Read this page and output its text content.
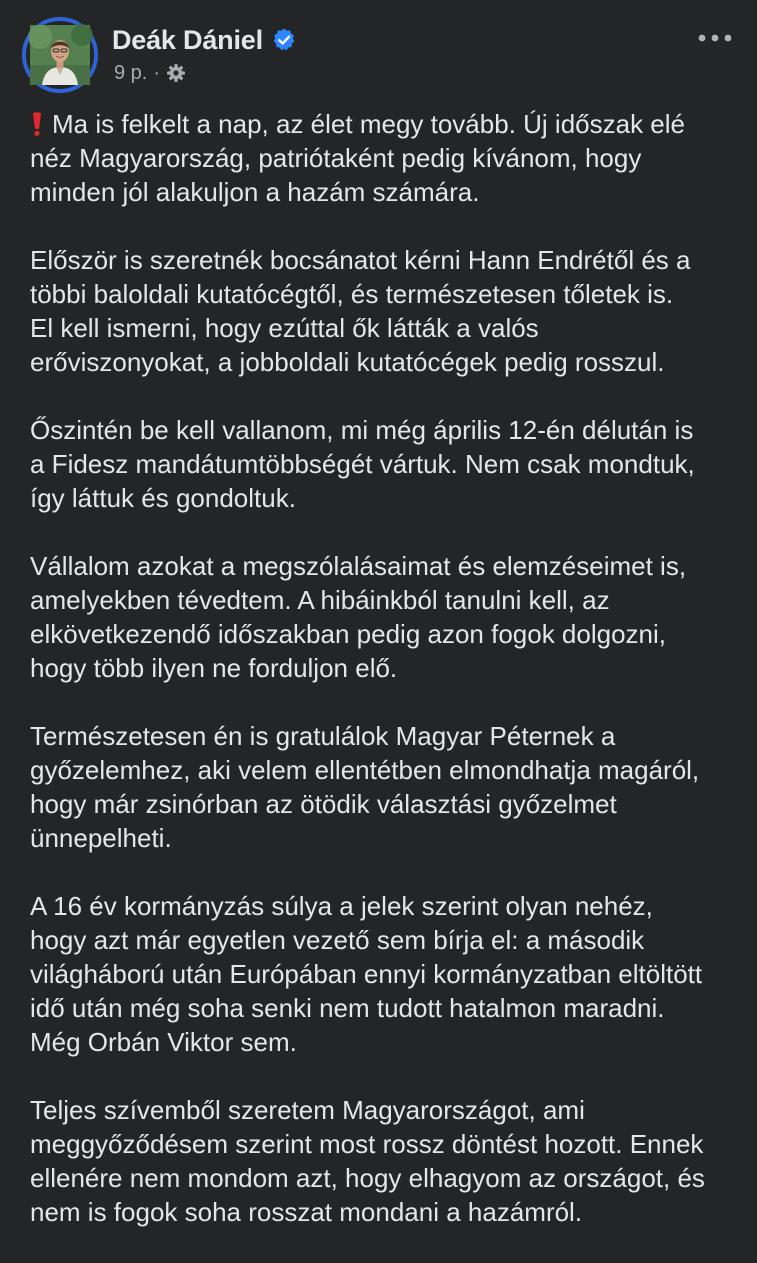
Deák Dániel
9 p. ·
Ma is felkelt a nap, az élet megy tovább. Új időszak elé
néz Magyarország, patriótaként pedig kívánom, hogy
minden jól alakuljon a hazám számára.
Először is szeretnék bocsánatot kérni Hann Endrétől és a
többi baloldali kutatócégtől, és természetesen tőletek is.
El kell ismerni, hogy ezúttal ők látták a valós
erőviszonyokat, a jobboldali kutatócégek pedig rosszul.
Őszintén be kell vallanom, mi még április 12-én délután is
a Fidesz mandátumtöbbségét vártuk. Nem csak mondtuk,
így láttuk és gondoltuk.
Vállalom azokat a megszólalásaimat és elemzéseimet is,
amelyekben tévedtem. A hibáinkból tanulni kell, az
elkövetkezendő időszakban pedig azon fogok dolgozni,
hogy több ilyen ne forduljon elő.
Természetesen én is gratulálok Magyar Péternek a
győzelemhez, aki velem ellentétben elmondhatja magáról,
hogy már zsinórban az ötödik választási győzelmet
ünnepelheti.
A 16 év kormányzás súlya a jelek szerint olyan nehéz,
hogy azt már egyetlen vezető sem bírja el: a második
világháború után Európában ennyi kormányzatban eltöltött
idő után még soha senki nem tudott hatalmon maradni.
Még Orbán Viktor sem.
Teljes szívemből szeretem Magyarországot, ami
meggyőződésem szerint most rossz döntést hozott. Ennek
ellenére nem mondom azt, hogy elhagyom az országot, és
nem is fogok soha rosszat mondani a hazámról.
